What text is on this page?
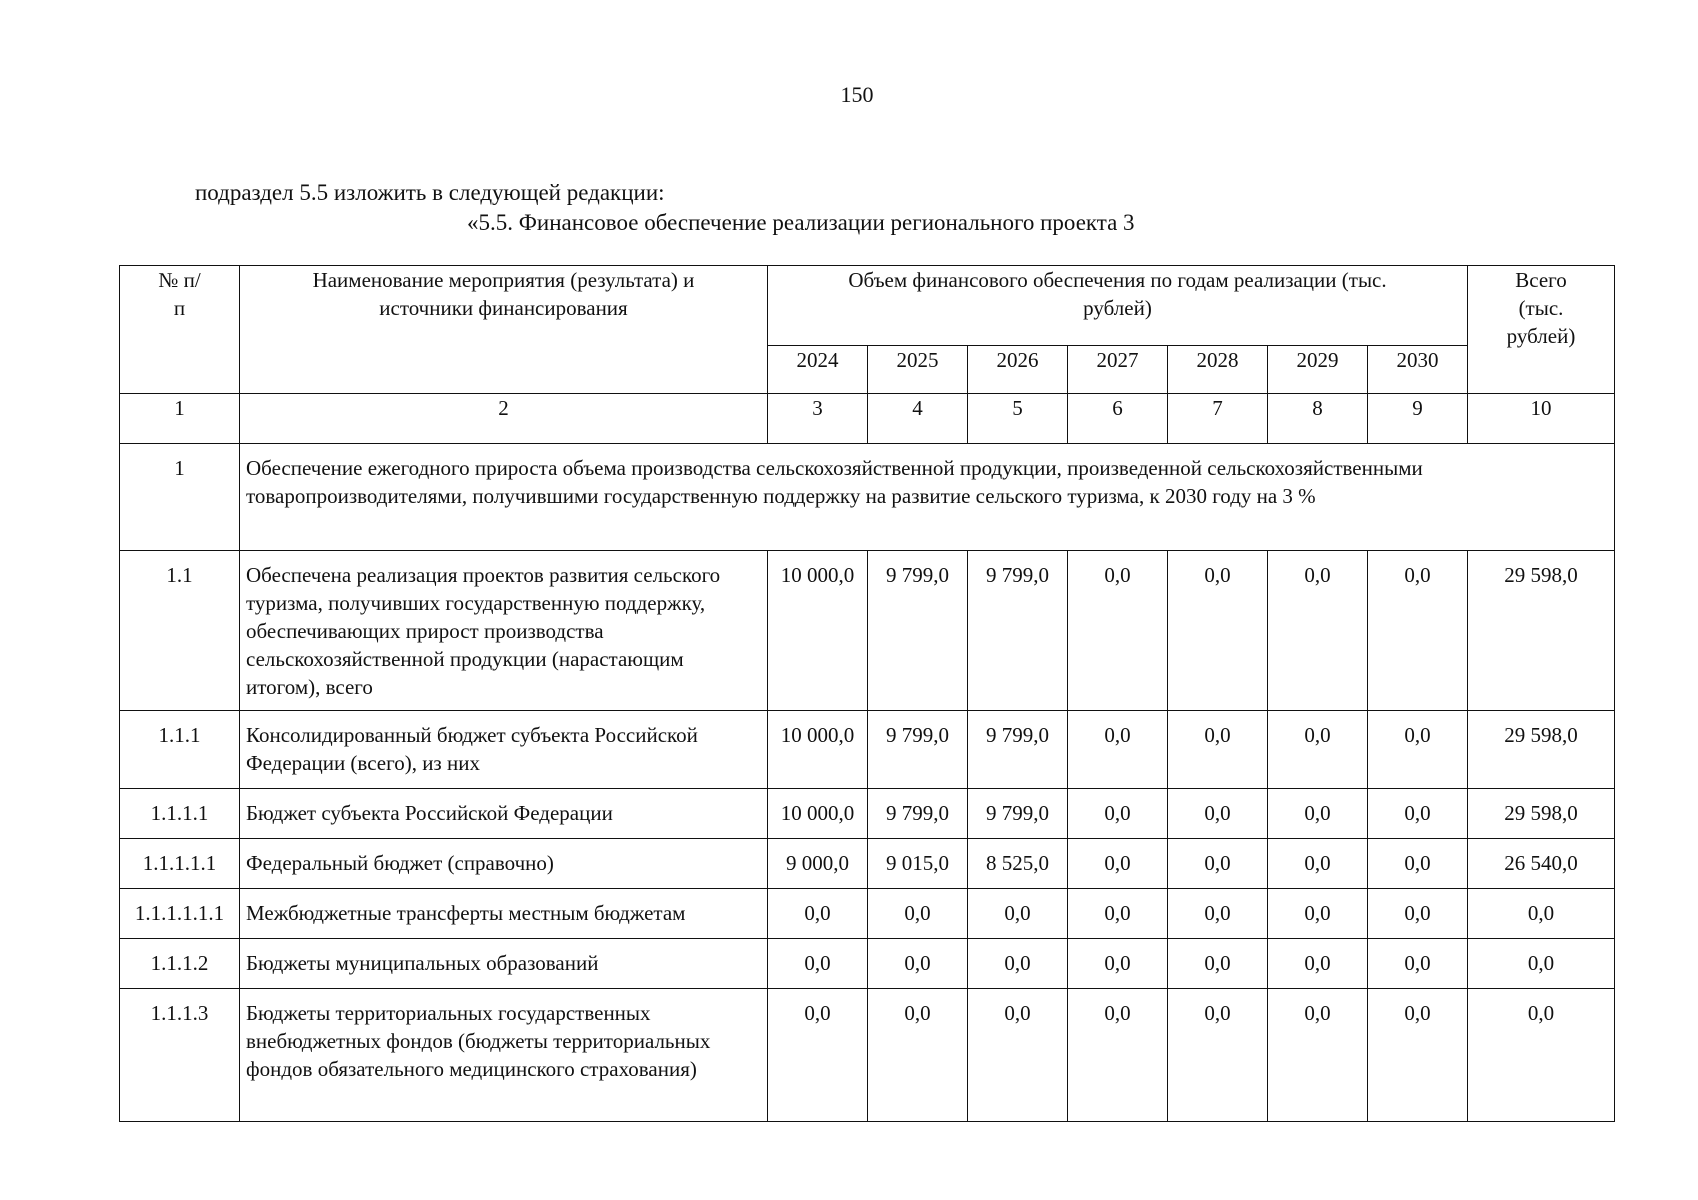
150
подраздел 5.5 изложить в следующей редакции:
«5.5. Финансовое обеспечение реализации регионального проекта 3
№ п/п	Наименование мероприятия (результата) и источники финансирования	Объем финансового обеспечения по годам реализации (тыс. рублей)							Всего (тыс. рублей)
		2024	2025	2026	2027	2028	2029	2030	
1	2	3	4	5	6	7	8	9	10
1	Обеспечение ежегодного прироста объема производства сельскохозяйственной продукции, произведенной сельскохозяйственными товаропроизводителями, получившими государственную поддержку на развитие сельского туризма, к 2030 году на 3 %								
1.1	Обеспечена реализация проектов развития сельского туризма, получивших государственную поддержку, обеспечивающих прирост производства сельскохозяйственной продукции (нарастающим итогом), всего	10 000,0	9 799,0	9 799,0	0,0	0,0	0,0	0,0	29 598,0
1.1.1	Консолидированный бюджет субъекта Российской Федерации (всего), из них	10 000,0	9 799,0	9 799,0	0,0	0,0	0,0	0,0	29 598,0
1.1.1.1	Бюджет субъекта Российской Федерации	10 000,0	9 799,0	9 799,0	0,0	0,0	0,0	0,0	29 598,0
1.1.1.1.1	Федеральный бюджет (справочно)	9 000,0	9 015,0	8 525,0	0,0	0,0	0,0	0,0	26 540,0
1.1.1.1.1.1	Межбюджетные трансферты местным бюджетам	0,0	0,0	0,0	0,0	0,0	0,0	0,0	0,0
1.1.1.2	Бюджеты муниципальных образований	0,0	0,0	0,0	0,0	0,0	0,0	0,0	0,0
1.1.1.3	Бюджеты территориальных государственных внебюджетных фондов (бюджеты территориальных фондов обязательного медицинского страхования)	0,0	0,0	0,0	0,0	0,0	0,0	0,0	0,0
